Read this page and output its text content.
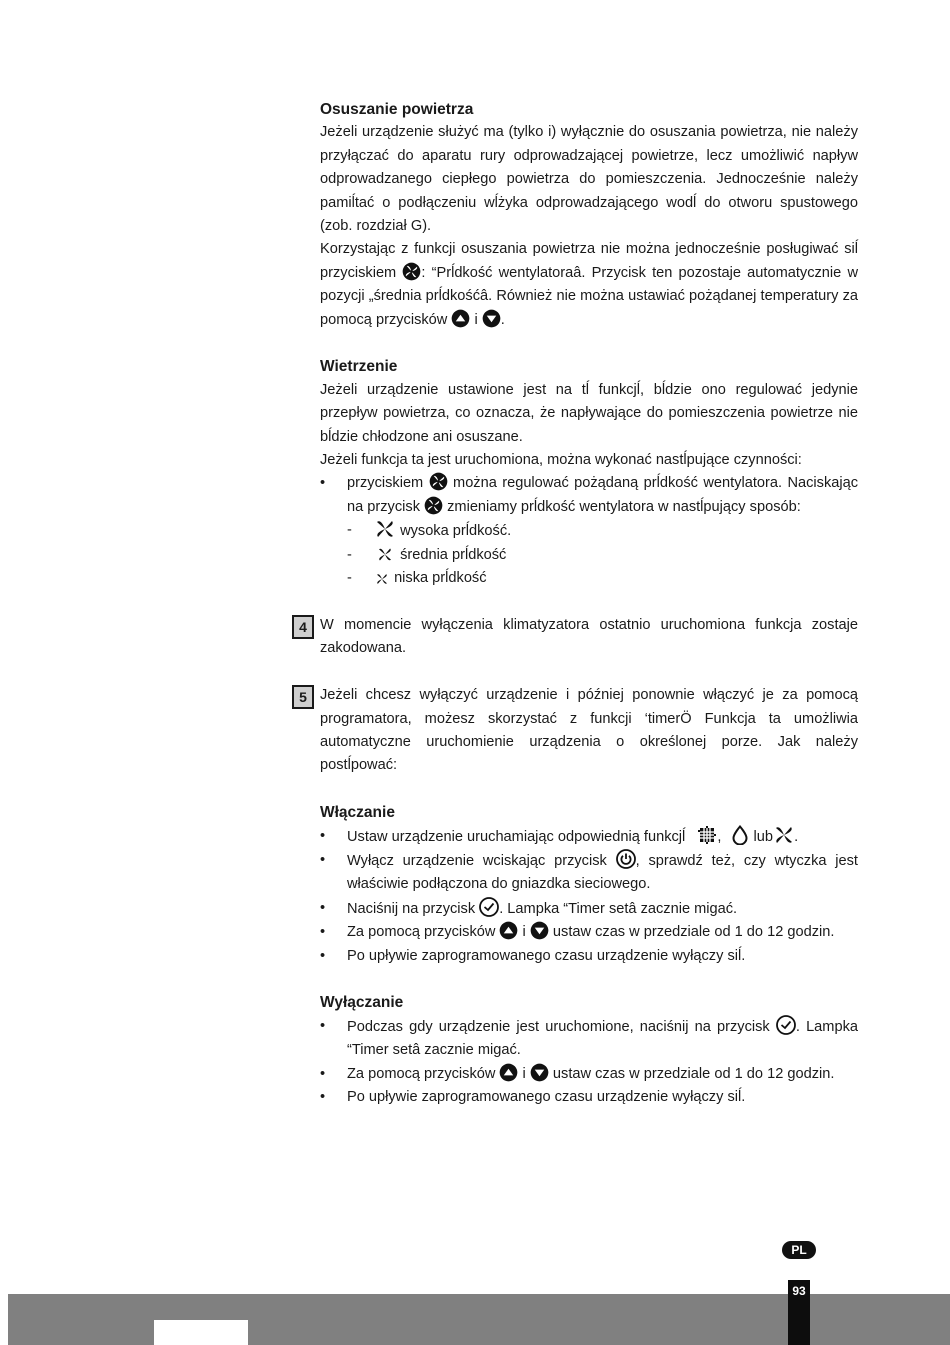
Osuszanie powietrza

Jeżeli urządzenie służyć ma (tylko i) wyłącznie do osuszania powietrza, nie należy przyłączać do aparatu rury odprowadzającej powietrze, lecz umożliwić napływ odprowadzanego ciepłego powietrza do pomieszczenia. Jednocześnie należy pamiĺtać o podłączeniu wĺżyka odprowadzającego wodĺ do otworu spustowego (zob. rozdział G).

Korzystając z funkcji osuszania powietrza nie można jednocześnie posługiwać siĺ przyciskiem : “Prĺdkość wentylatoraâ. Przycisk ten pozostaje automatycznie w pozycji „średnia prĺdkośćâ. Również nie można ustawiać pożądanej temperatury za pomocą przycisków i .

Wietrzenie

Jeżeli urządzenie ustawione jest na tĺ funkcjĺ, bĺdzie ono regulować jedynie przepływ powietrza, co oznacza, że napływające do pomieszczenia powietrze nie bĺdzie chłodzone ani osuszane.

Jeżeli funkcja ta jest uruchomiona, można wykonać nastĺpujące czynności:

• przyciskiem można regulować pożądaną prĺdkość wentylatora. Naciskając na przycisk zmieniamy prĺdkość wentylatora w nastĺpujący sposób:
- wysoka prĺdkość.
- średnia prĺdkość
- niska prĺdkość
4 W momencie wyłączenia klimatyzatora ostatnio uruchomiona funkcja zostaje zakodowana.

5 Jeżeli chcesz wyłączyć urządzenie i później ponownie włączyć je za pomocą programatora, możesz skorzystać z funkcji ‘timerÖ Funkcja ta umożliwia automatyczne uruchomienie urządzenia o określonej porze. Jak należy postĺpować:

Włączanie
• Ustaw urządzenie uruchamiając odpowiednią funkcjĺ , lub .
• Wyłącz urządzenie wciskając przycisk , sprawdź też, czy wtyczka jest właściwie podłączona do gniazdka sieciowego.
• Naciśnij na przycisk . Lampka “Timer setâ zacznie migać.
• Za pomocą przycisków i ustaw czas w przedziale od 1 do 12 godzin.
• Po upływie zaprogramowanego czasu urządzenie wyłączy siĺ.
Wyłączanie
• Podczas gdy urządzenie jest uruchomione, naciśnij na przycisk . Lampka “Timer setâ zacznie migać.
• Za pomocą przycisków i ustaw czas w przedziale od 1 do 12 godzin.
• Po upływie zaprogramowanego czasu urządzenie wyłączy siĺ.
PL
93
